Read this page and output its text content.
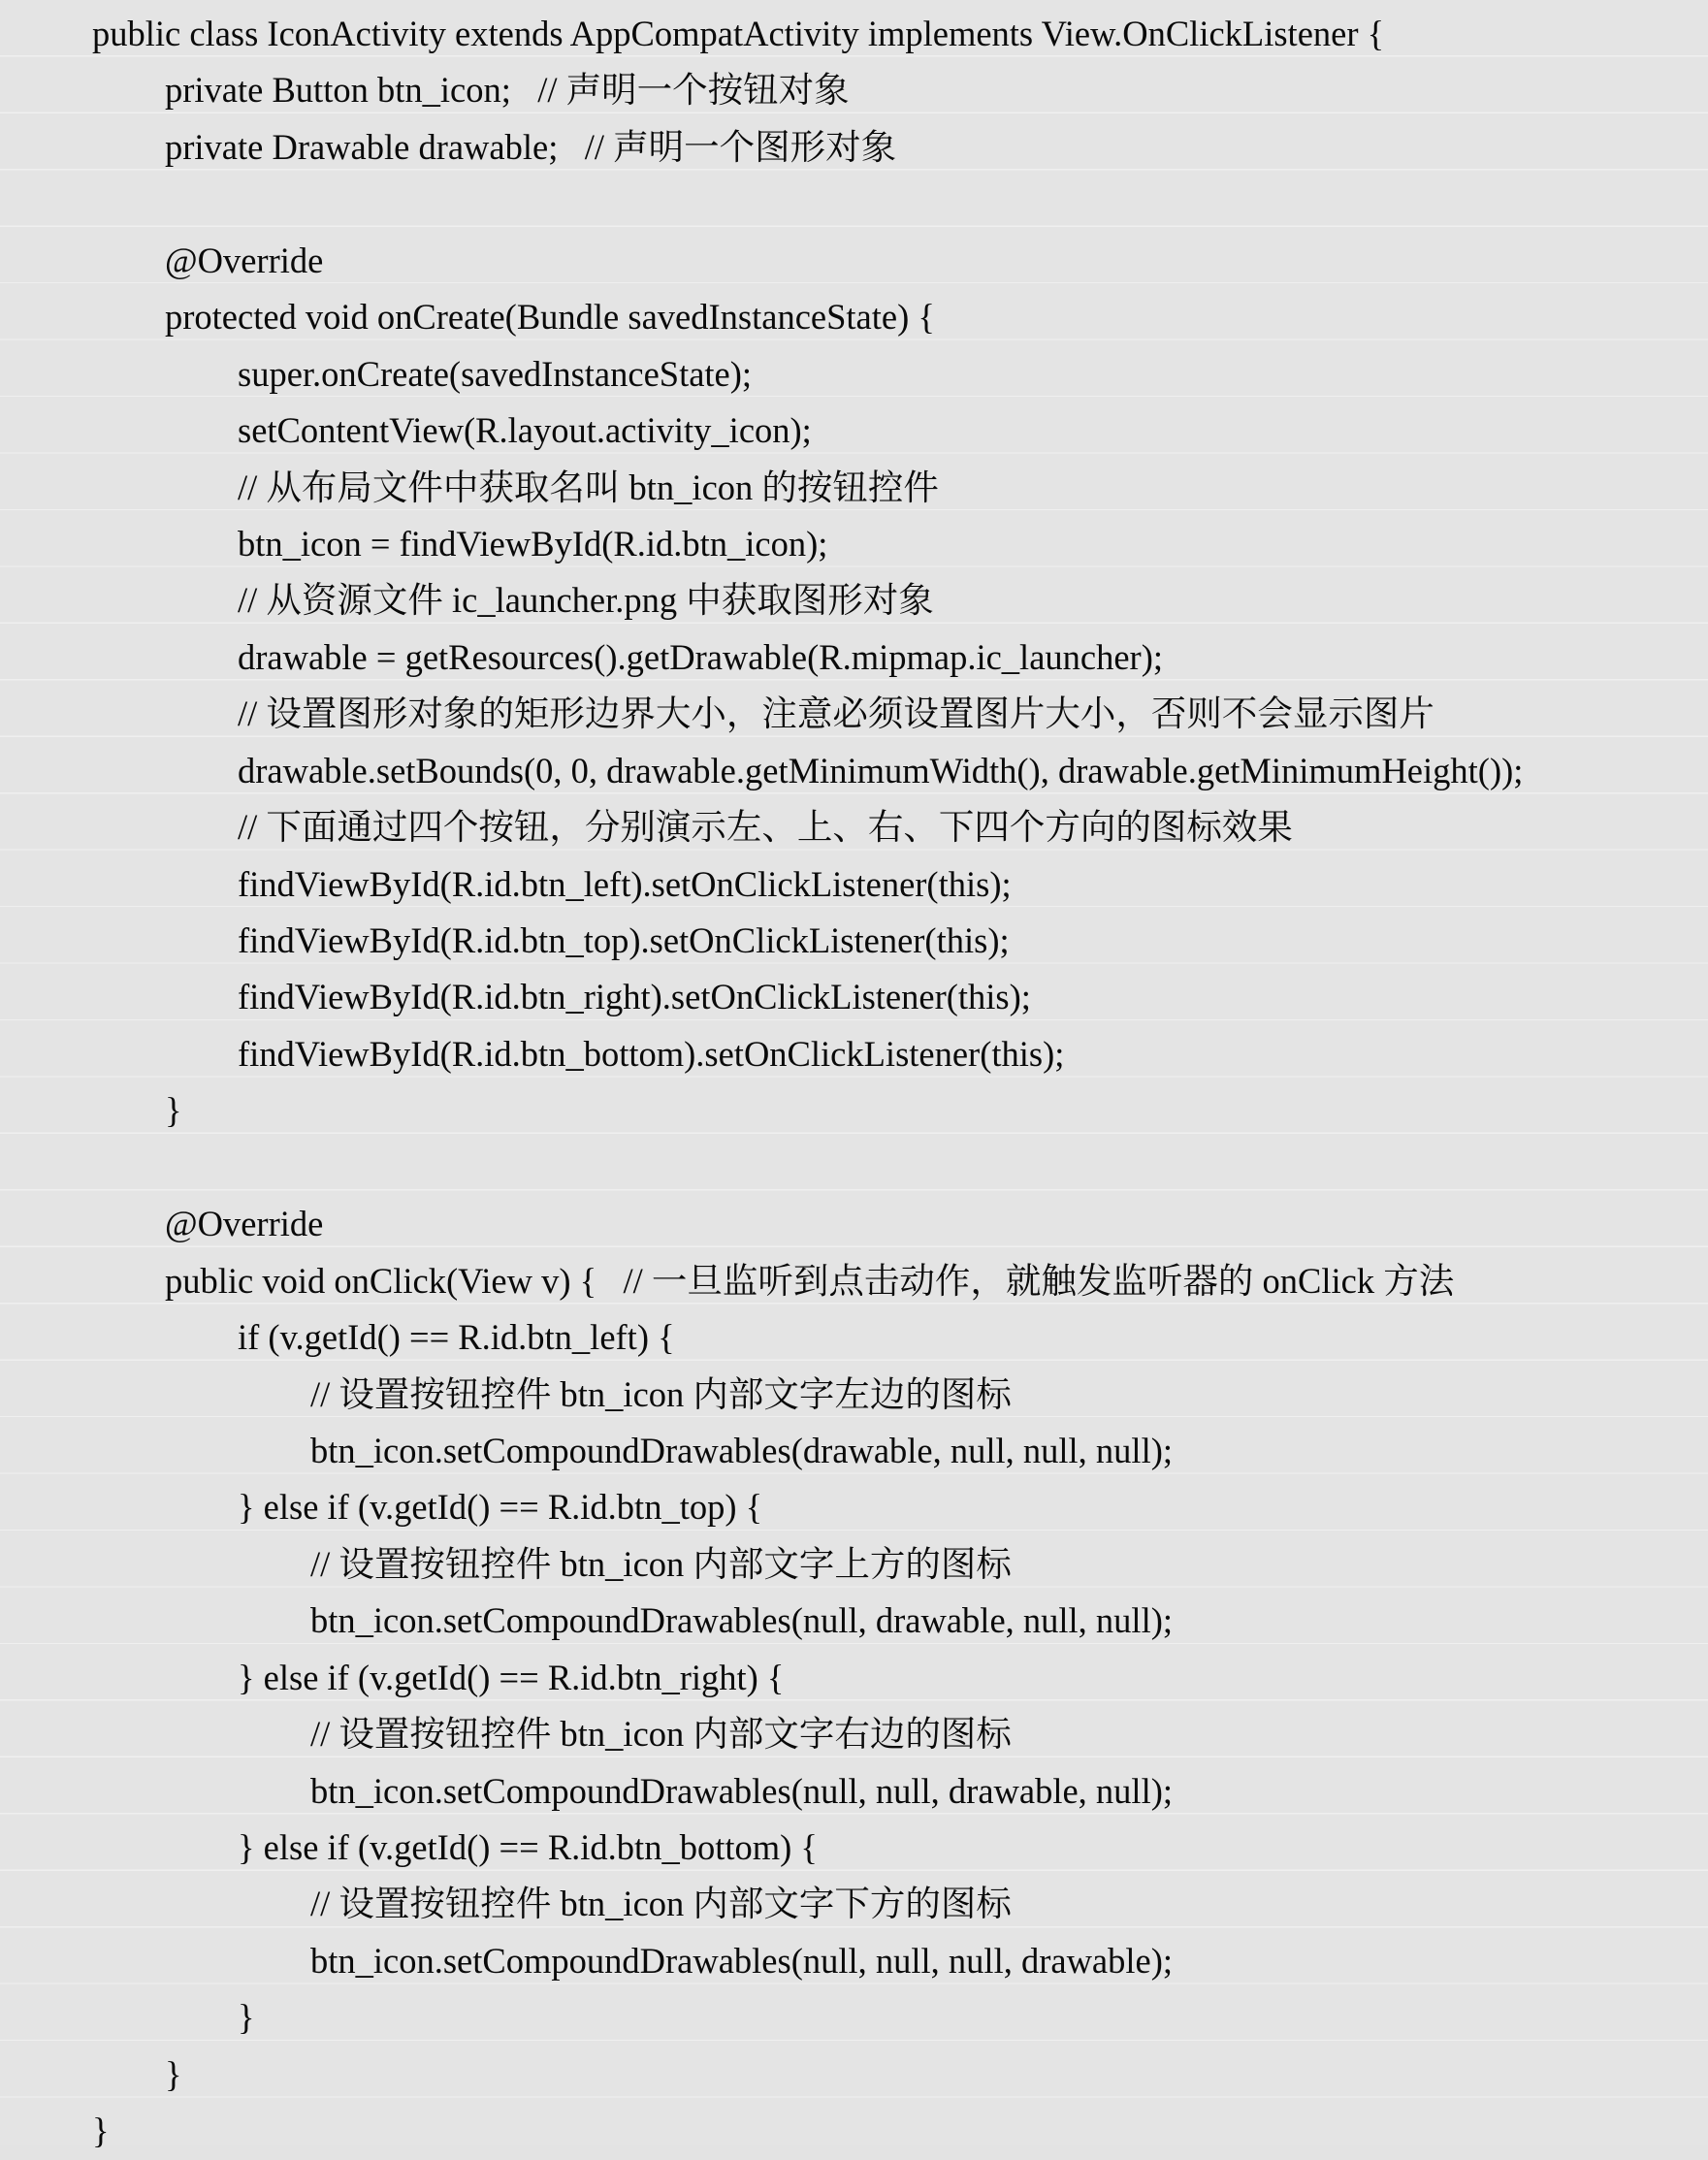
public class IconActivity extends AppCompatActivity implements View.OnClickListener {
private Button btn_icon;   // 声明一个按钮对象
private Drawable drawable;   // 声明一个图形对象
@Override
protected void onCreate(Bundle savedInstanceState) {
super.onCreate(savedInstanceState);
setContentView(R.layout.activity_icon);
// 从布局文件中获取名叫 btn_icon 的按钮控件
btn_icon = findViewById(R.id.btn_icon);
// 从资源文件 ic_launcher.png 中获取图形对象
drawable = getResources().getDrawable(R.mipmap.ic_launcher);
// 设置图形对象的矩形边界大小，注意必须设置图片大小，否则不会显示图片
drawable.setBounds(0, 0, drawable.getMinimumWidth(), drawable.getMinimumHeight());
// 下面通过四个按钮，分别演示左、上、右、下四个方向的图标效果
findViewById(R.id.btn_left).setOnClickListener(this);
findViewById(R.id.btn_top).setOnClickListener(this);
findViewById(R.id.btn_right).setOnClickListener(this);
findViewById(R.id.btn_bottom).setOnClickListener(this);
}
@Override
public void onClick(View v) {   // 一旦监听到点击动作，就触发监听器的 onClick 方法
if (v.getId() == R.id.btn_left) {
// 设置按钮控件 btn_icon 内部文字左边的图标
btn_icon.setCompoundDrawables(drawable, null, null, null);
} else if (v.getId() == R.id.btn_top) {
// 设置按钮控件 btn_icon 内部文字上方的图标
btn_icon.setCompoundDrawables(null, drawable, null, null);
} else if (v.getId() == R.id.btn_right) {
// 设置按钮控件 btn_icon 内部文字右边的图标
btn_icon.setCompoundDrawables(null, null, drawable, null);
} else if (v.getId() == R.id.btn_bottom) {
// 设置按钮控件 btn_icon 内部文字下方的图标
btn_icon.setCompoundDrawables(null, null, null, drawable);
}
}
}
